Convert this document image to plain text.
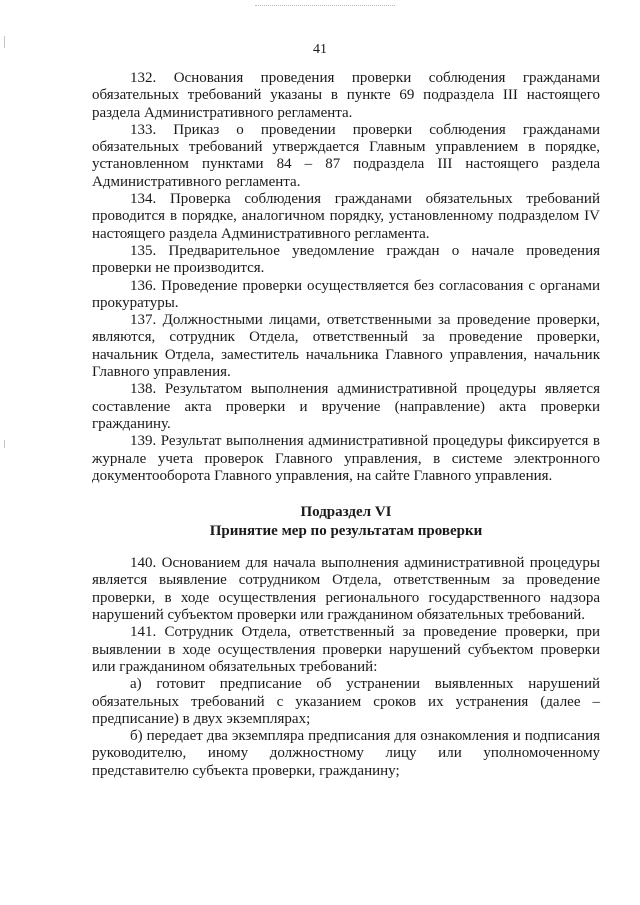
41

132. Основания проведения проверки соблюдения гражданами обязательных требований указаны в пункте 69 подраздела III настоящего раздела Административного регламента.

133. Приказ о проведении проверки соблюдения гражданами обязательных требований утверждается Главным управлением в порядке, установленном пунктами 84 – 87 подраздела III настоящего раздела Административного регламента.

134. Проверка соблюдения гражданами обязательных требований проводится в порядке, аналогичном порядку, установленному подразделом IV настоящего раздела Административного регламента.

135. Предварительное уведомление граждан о начале проведения проверки не производится.

136. Проведение проверки осуществляется без согласования с органами прокуратуры.

137. Должностными лицами, ответственными за проведение проверки, являются, сотрудник Отдела, ответственный за проведение проверки, начальник Отдела, заместитель начальника Главного управления, начальник Главного управления.

138. Результатом выполнения административной процедуры является составление акта проверки и вручение (направление) акта проверки гражданину.

139. Результат выполнения административной процедуры фиксируется в журнале учета проверок Главного управления, в системе электронного документооборота Главного управления, на сайте Главного управления.

Подраздел VI
Принятие мер по результатам проверки

140. Основанием для начала выполнения административной процедуры является выявление сотрудником Отдела, ответственным за проведение проверки, в ходе осуществления регионального государственного надзора нарушений субъектом проверки или гражданином обязательных требований.

141. Сотрудник Отдела, ответственный за проведение проверки, при выявлении в ходе осуществления проверки нарушений субъектом проверки или гражданином обязательных требований:

а) готовит предписание об устранении выявленных нарушений обязательных требований с указанием сроков их устранения (далее – предписание) в двух экземплярах;

б) передает два экземпляра предписания для ознакомления и подписания руководителю, иному должностному лицу или уполномоченному представителю субъекта проверки, гражданину;
